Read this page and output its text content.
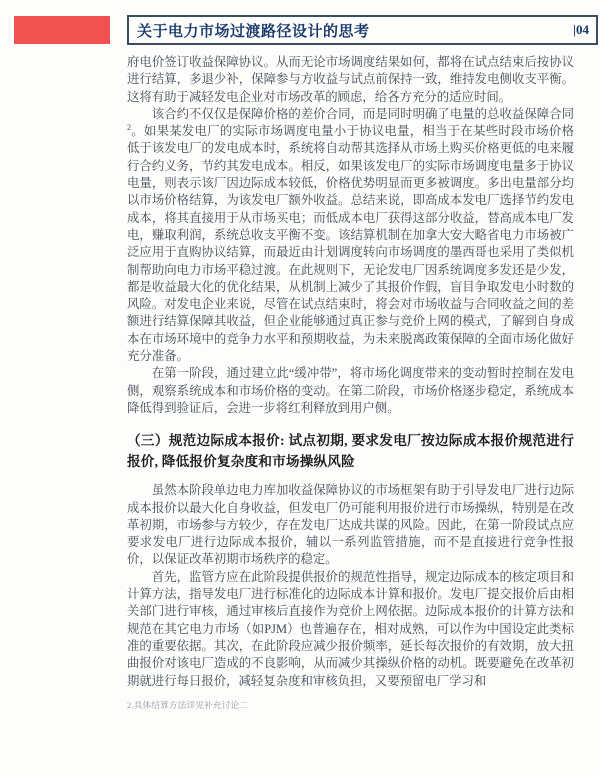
关于电力市场过渡路径设计的思考	|04

府电价签订收益保障协议。从而无论市场调度结果如何，都将在试点结束后按协议进行结算，多退少补，保障参与方收益与试点前保持一致，维持发电侧收支平衡。这将有助于减轻发电企业对市场改革的顾虑，给各方充分的适应时间。

该合约不仅仅是保障价格的差价合同，而是同时明确了电量的总收益保障合同$^2$。如果某发电厂的实际市场调度电量小于协议电量，相当于在某些时段市场价格低于该发电厂的发电成本时，系统将自动帮其选择从市场上购买价格更低的电来履行合约义务，节约其发电成本。相反，如果该发电厂的实际市场调度电量多于协议电量，则表示该厂因边际成本较低，价格优势明显而更多被调度。多出电量部分均以市场价格结算，为该发电厂额外收益。总结来说，即高成本发电厂选择节约发电成本，将其直接用于从市场买电；而低成本电厂获得这部分收益，替高成本电厂发电，赚取利润，系统总收支平衡不变。该结算机制在加拿大安大略省电力市场被广泛应用于直购协议结算，而最近由计划调度转向市场调度的墨西哥也采用了类似机制帮助向电力市场平稳过渡。在此规则下，无论发电厂因系统调度多发还是少发，都是收益最大化的优化结果，从机制上减少了其报价作假，盲目争取发电小时数的风险。对发电企业来说，尽管在试点结束时，将会对市场收益与合同收益之间的差额进行结算保障其收益，但企业能够通过真正参与竞价上网的模式，了解到自身成本在市场环境中的竞争力水平和预期收益，为未来脱离政策保障的全面市场化做好充分准备。

在第一阶段，通过建立此“缓冲带”，将市场化调度带来的变动暂时控制在发电侧，观察系统成本和市场价格的变动。在第二阶段，市场价格逐步稳定，系统成本降低得到验证后，会进一步将红利释放到用户侧。

（三）规范边际成本报价: 试点初期, 要求发电厂按边际成本报价规范进行报价, 降低报价复杂度和市场操纵风险

虽然本阶段单边电力库加收益保障协议的市场框架有助于引导发电厂进行边际成本报价以最大化自身收益，但发电厂仍可能利用报价进行市场操纵，特别是在改革初期，市场参与方较少，存在发电厂达成共谋的风险。因此，在第一阶段试点应要求发电厂进行边际成本报价，辅以一系列监管措施，而不是直接进行竞争性报价，以保证改革初期市场秩序的稳定。

首先，监管方应在此阶段提供报价的规范性指导，规定边际成本的核定项目和计算方法，指导发电厂进行标准化的边际成本计算和报价。发电厂提交报价后由相关部门进行审核，通过审核后直接作为竞价上网依据。边际成本报价的计算方法和规范在其它电力市场（如PJM）也普遍存在，相对成熟，可以作为中国设定此类标准的重要依据。其次，在此阶段应减少报价频率，延长每次报价的有效期，放大扭曲报价对该电厂造成的不良影响，从而减少其操纵价格的动机。既要避免在改革初期就进行每日报价，减轻复杂度和审核负担，又要预留电厂学习和

2.具体结算方法详见补充讨论二
